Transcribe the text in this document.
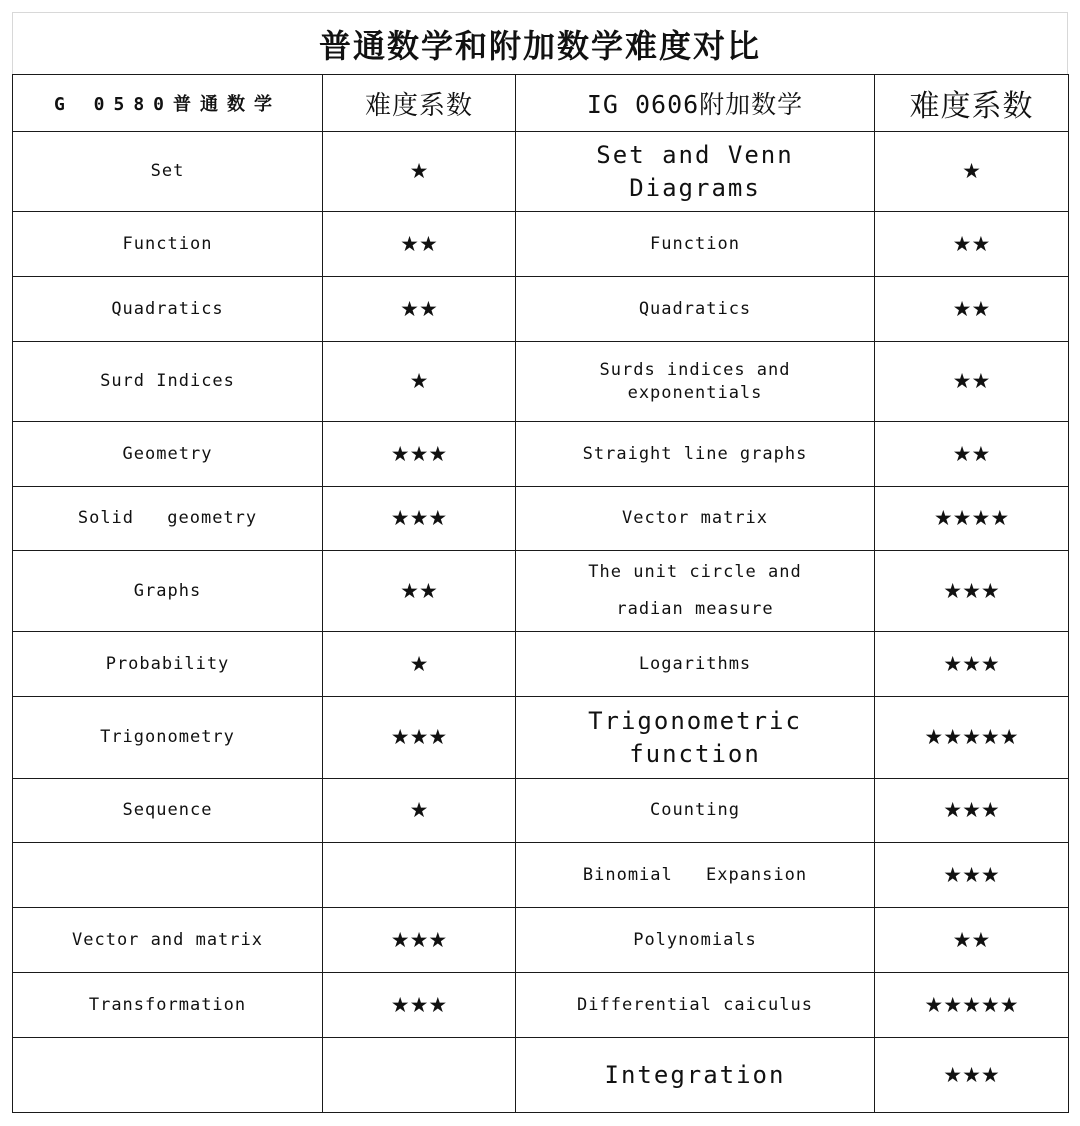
普通数学和附加数学难度对比
G 0580普通数学	难度系数	IG 0606附加数学	难度系数
Set	★	Set and Venn Diagrams	★
Function	★★	Function	★★
Quadratics	★★	Quadratics	★★
Surd Indices	★	Surds indices and exponentials	★★
Geometry	★★★	Straight line graphs	★★
Solid geometry	★★★	Vector matrix	★★★★
Graphs	★★	The unit circle and radian measure	★★★
Probability	★	Logarithms	★★★
Trigonometry	★★★	Trigonometric function	★★★★★
Sequence	★	Counting	★★★
		Binomial Expansion	★★★
Vector and matrix	★★★	Polynomials	★★
Transformation	★★★	Differential caiculus	★★★★★
		Integration	★★★
